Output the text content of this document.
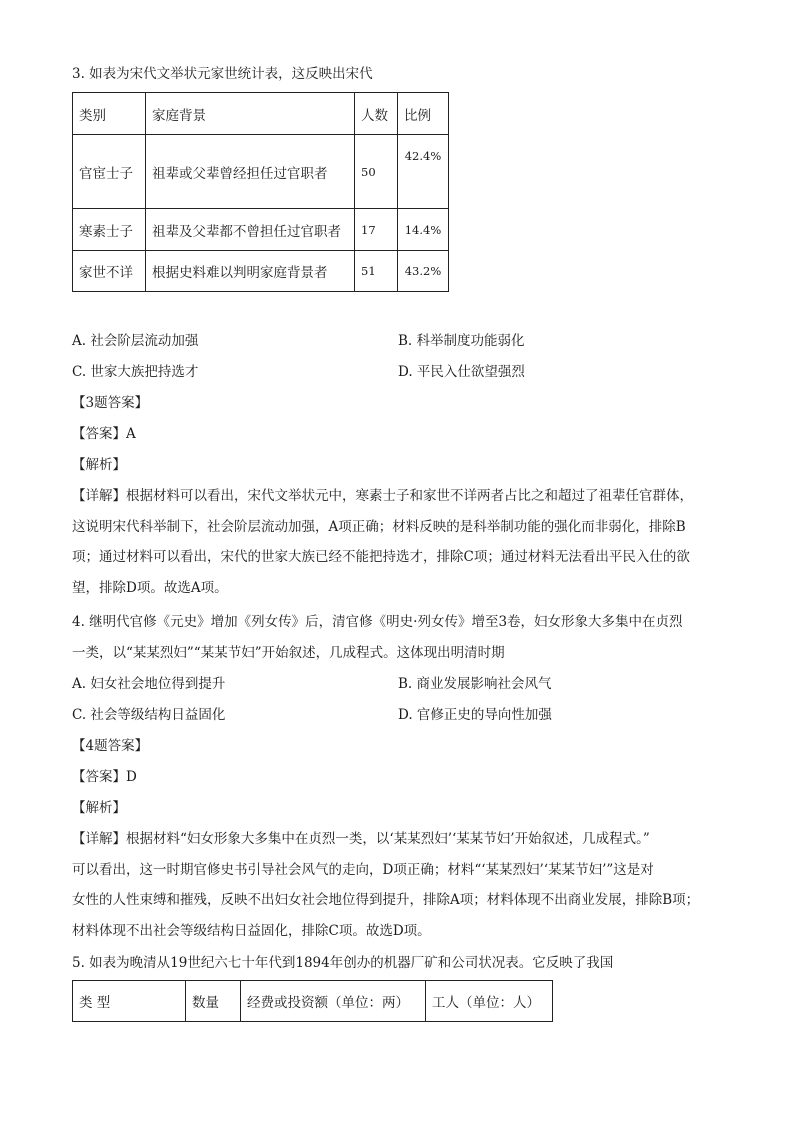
3. 如表为宋代文举状元家世统计表，这反映出宋代
类别	家庭背景	人数	比例
官宦士子	祖辈或父辈曾经担任过官职者	50	42.4%
寒素士子	祖辈及父辈都不曾担任过官职者	17	14.4%
家世不详	根据史料难以判明家庭背景者	51	43.2%
A. 社会阶层流动加强	B. 科举制度功能弱化
C. 世家大族把持选才	D. 平民入仕欲望强烈
【3题答案】
【答案】A
【解析】
【详解】根据材料可以看出，宋代文举状元中，寒素士子和家世不详两者占比之和超过了祖辈任官群体，
这说明宋代科举制下，社会阶层流动加强，A项正确；材料反映的是科举制功能的强化而非弱化，排除B
项；通过材料可以看出，宋代的世家大族已经不能把持选才，排除C项；通过材料无法看出平民入仕的欲
望，排除D项。故选A项。
4. 继明代官修《元史》增加《列女传》后，清官修《明史·列女传》增至3卷，妇女形象大多集中在贞烈
一类，以“某某烈妇”“某某节妇”开始叙述，几成程式。这体现出明清时期
A. 妇女社会地位得到提升	B. 商业发展影响社会风气
C. 社会等级结构日益固化	D. 官修正史的导向性加强
【4题答案】
【答案】D
【解析】
【详解】根据材料“妇女形象大多集中在贞烈一类，以‘某某烈妇’‘某某节妇’开始叙述，几成程式。”
可以看出，这一时期官修史书引导社会风气的走向，D项正确；材料“‘某某烈妇’‘某某节妇’”这是对
女性的人性束缚和摧残，反映不出妇女社会地位得到提升，排除A项；材料体现不出商业发展，排除B项；
材料体现不出社会等级结构日益固化，排除C项。故选D项。
5. 如表为晚清从19世纪六七十年代到1894年创办的机器厂矿和公司状况表。它反映了我国
类 型	数量	经费或投资额（单位：两）	工人（单位：人）
